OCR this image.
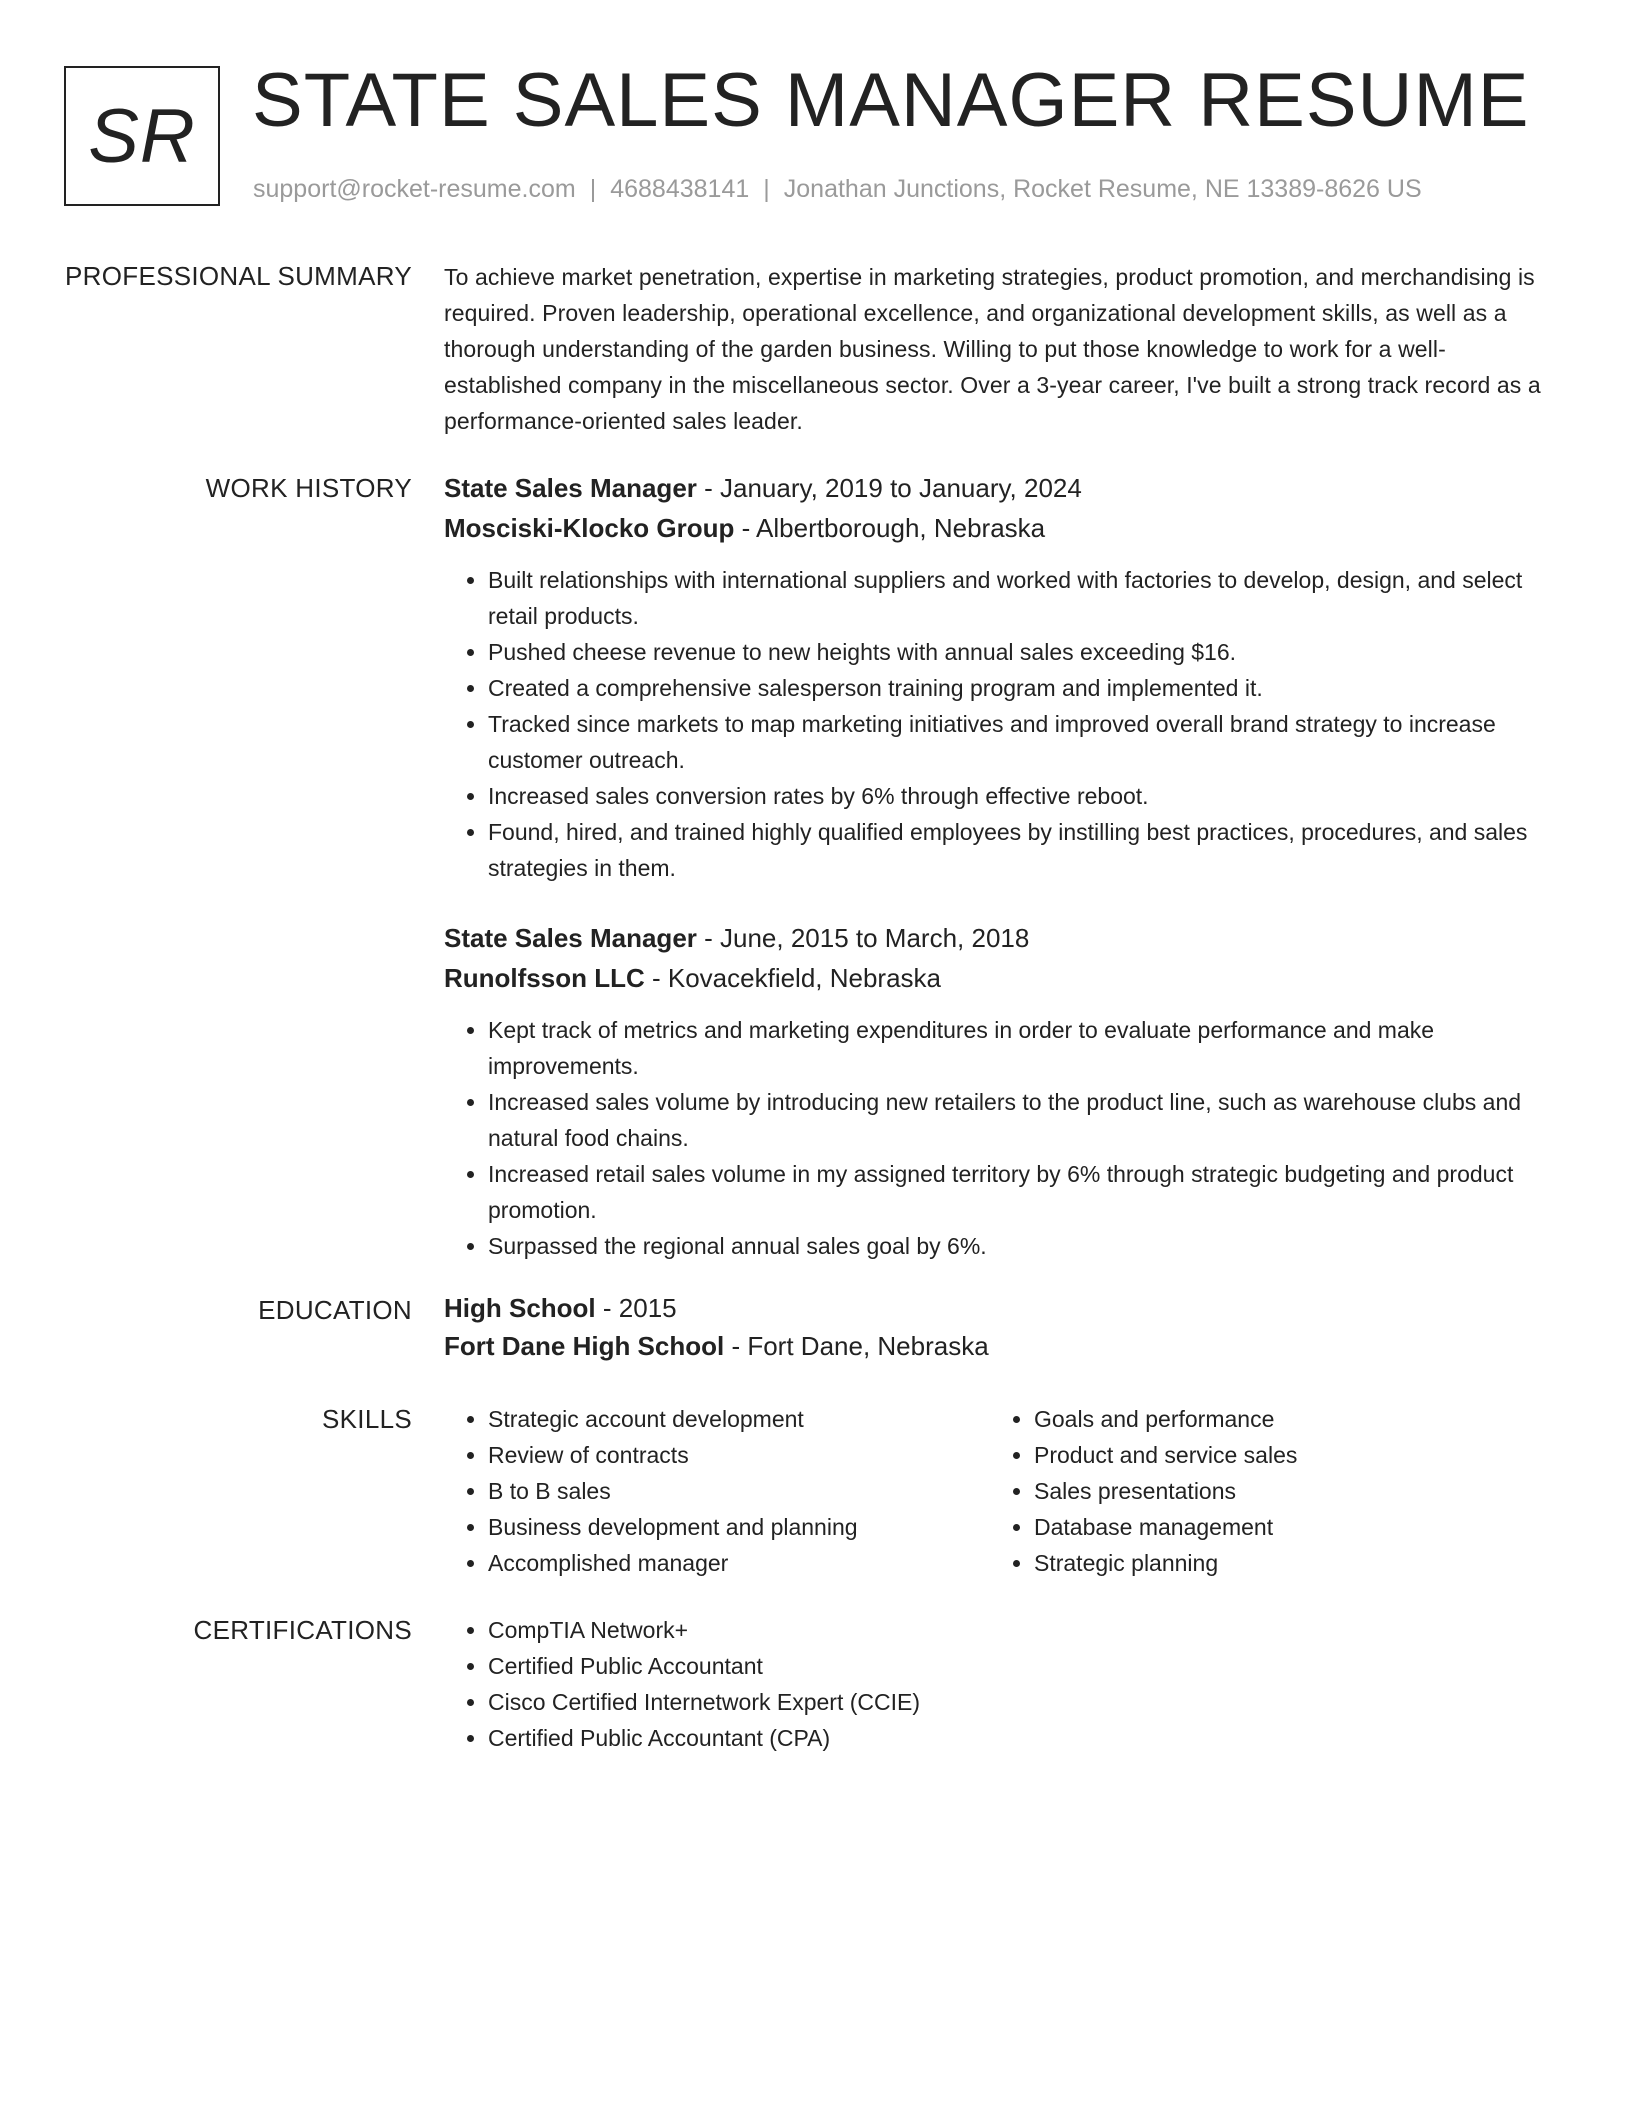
SR STATE SALES MANAGER RESUME
support@rocket-resume.com | 4688438141 | Jonathan Junctions, Rocket Resume, NE 13389-8626 US
PROFESSIONAL SUMMARY To achieve market penetration, expertise in marketing strategies, product promotion, and merchandising is required. Proven leadership, operational excellence, and organizational development skills, as well as a thorough understanding of the garden business. Willing to put those knowledge to work for a well-established company in the miscellaneous sector. Over a 3-year career, I've built a strong track record as a performance-oriented sales leader.

WORK HISTORY State Sales Manager - January, 2019 to January, 2024

Mosciski-Klocko Group - Albertborough, Nebraska

• Built relationships with international suppliers and worked with factories to develop, design, and select retail products.
• Pushed cheese revenue to new heights with annual sales exceeding $16.
• Created a comprehensive salesperson training program and implemented it.
• Tracked since markets to map marketing initiatives and improved overall brand strategy to increase customer outreach.
• Increased sales conversion rates by 6% through effective reboot.
• Found, hired, and trained highly qualified employees by instilling best practices, procedures, and sales strategies in them.

State Sales Manager - June, 2015 to March, 2018

Runolfsson LLC - Kovacekfield, Nebraska

• Kept track of metrics and marketing expenditures in order to evaluate performance and make improvements.
• Increased sales volume by introducing new retailers to the product line, such as warehouse clubs and natural food chains.
• Increased retail sales volume in my assigned territory by 6% through strategic budgeting and product promotion.
• Surpassed the regional annual sales goal by 6%.
EDUCATION High School - 2015

Fort Dane High School - Fort Dane, Nebraska

SKILLS	• Strategic account development
• Review of contracts
• B to B sales
• Business development and planning
• Accomplished manager
• Goals and performance
• Product and service sales
• Sales presentations
• Database management
• Strategic planning
CERTIFICATIONS	• CompTIA Network+
• Certified Public Accountant
• Cisco Certified Internetwork Expert (CCIE)
• Certified Public Accountant (CPA)
